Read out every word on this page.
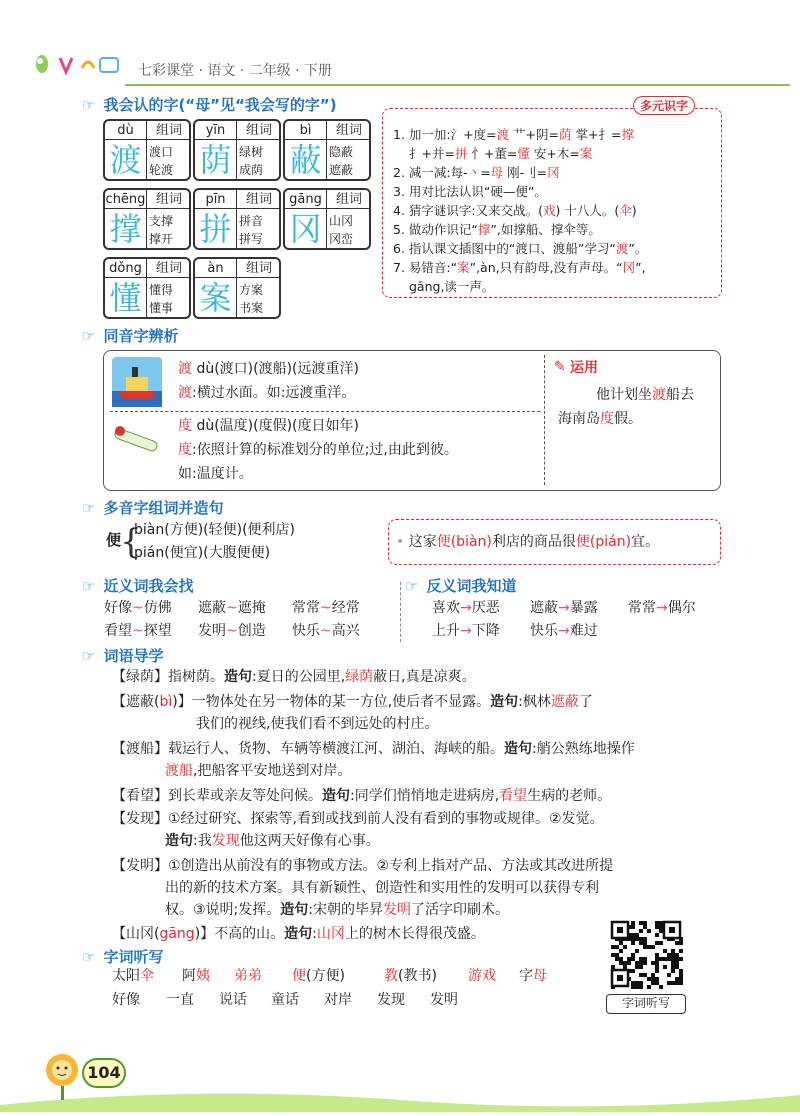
七彩课堂 · 语文 · 二年级 · 下册
☞ 我会认的字(“母”见“我会写的字”)
dù	组词
渡 渡口
轮渡
yīn	组词
荫 绿树
成荫
bì	组词
蔽 隐蔽
遮蔽
chēng 组词
撑 支撑
撑开
pīn	组词
拼 拼音
拼写
gāng	组词
冈 山冈
冈峦
dǒng	组词
懂 懂得
懂事
àn	组词
案 方案
书案
多元识字
1. 加一加:氵+度=渡 艹+阴=荫 掌+扌=撑
扌+并=拼 忄+董=懂 安+木=案
2. 减一减:每-丶=母 刚-刂=冈
3. 用对比法认识“硬—便”。
4. 猜字谜识字:又来交战。(戏) 十八人。(伞)
5. 做动作识记“撑”,如撑船、撑伞等。
6. 指认课文插图中的“渡口、渡船”学习“渡”。
7. 易错音:“案”,àn,只有韵母,没有声母。“冈”,
gāng,读一声。
☞ 同音字辨析
渡 dù(渡口)(渡船)(远渡重洋)
渡:横过水面。如:远渡重洋。
度 dù(温度)(度假)(度日如年)
度:依照计算的标准划分的单位;过,由此到彼。
如:温度计。
✎ 运用
他计划坐渡船去
海南岛度假。
☞ 多音字组词并造句
便
{
biàn(方便)(轻便)(便利店)
pián(便宜)(大腹便便)
• 这家便(biàn)利店的商品很便(pián)宜。
☞ 近义词我会找	☞ 反义词我知道
好像~仿佛 遮蔽~遮掩 常常~经常
看望~探望 发明~创造 快乐~高兴
喜欢→厌恶 遮蔽→暴露 常常→偶尔
上升→下降 快乐→难过
☞ 词语导学
【绿荫】指树荫。造句:夏日的公园里,绿荫蔽日,真是凉爽。
【遮蔽(bì)】一物体处在另一物体的某一方位,使后者不显露。造句:枫林遮蔽了
我们的视线,使我们看不到远处的村庄。
【渡船】载运行人、货物、车辆等横渡江河、湖泊、海峡的船。造句:艄公熟练地操作
渡船,把船客平安地送到对岸。
【看望】到长辈或亲友等处问候。造句:同学们悄悄地走进病房,看望生病的老师。
【发现】①经过研究、探索等,看到或找到前人没有看到的事物或规律。②发觉。
造句:我发现他这两天好像有心事。
【发明】①创造出从前没有的事物或方法。②专利上指对产品、方法或其改进所提
出的新的技术方案。具有新颖性、创造性和实用性的发明可以获得专利
权。③说明;发挥。造句:宋朝的毕昇发明了活字印刷术。
【山冈(gāng)】不高的山。造句:山冈上的树木长得很茂盛。
字词听写
☞ 字词听写
太阳伞 阿姨 弟弟 便(方便)	教(教书) 游戏 字母
好像 一直 说话 童话 对岸 发现 发明
104
